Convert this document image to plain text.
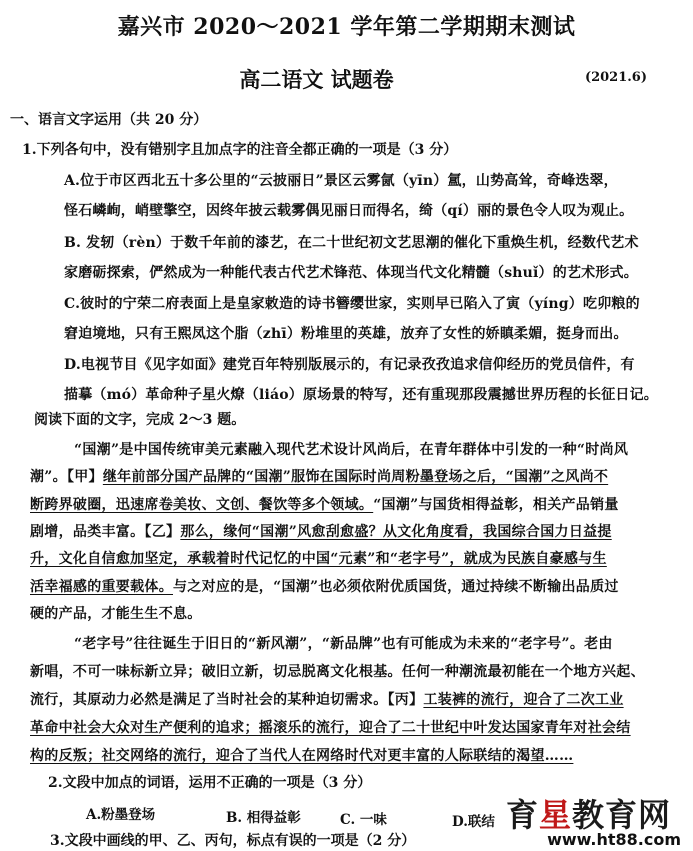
嘉兴市 2020～2021 学年第二学期期末测试
高二语文 试题卷	(2021.6)
一、语言文字运用（共 20 分）
1.下列各句中，没有错别字且加点字的注音全都正确的一项是（3 分）
A.位于市区西北五十多公里的“云披丽日”景区云雾氤（yīn）氲，山势高耸，奇峰迭翠，
怪石嶙峋，峭壁擎空，因终年披云载雾偶见丽日而得名，绮（qí）丽的景色令人叹为观止。
B. 发轫（rèn）于数千年前的漆艺，在二十世纪初文艺思潮的催化下重焕生机，经数代艺术
家磨砺探索，俨然成为一种能代表古代艺术锋范、体现当代文化精髓（shuǐ）的艺术形式。
C.彼时的宁荣二府表面上是皇家敕造的诗书簪缨世家，实则早已陷入了寅（yíng）吃卯粮的
窘迫境地，只有王熙凤这个脂（zhī）粉堆里的英雄，放弃了女性的娇瞋柔媚，挺身而出。
D.电视节目《见字如面》建党百年特别版展示的，有记录孜孜追求信仰经历的党员信件，有
描摹（mó）革命种子星火燎（liáo）原场景的特写，还有重现那段震撼世界历程的长征日记。
阅读下面的文字，完成 2～3 题。
“国潮”是中国传统审美元素融入现代艺术设计风尚后，在青年群体中引发的一种“时尚风
潮”。【甲】继年前部分国产品牌的“国潮”服饰在国际时尚周粉墨登场之后，“国潮”之风尚不
断跨界破圈，迅速席卷美妆、文创、餐饮等多个领域。“国潮”与国货相得益彰，相关产品销量
剧增，品类丰富。【乙】那么，缘何“国潮”风愈刮愈盛？从文化角度看，我国综合国力日益提
升，文化自信愈加坚定，承载着时代记忆的中国“元素”和“老字号”，就成为民族自豪感与生
活幸福感的重要载体。与之对应的是，“国潮”也必须依附优质国货，通过持续不断输出品质过
硬的产品，才能生生不息。
“老字号”往往诞生于旧日的“新风潮”，“新品牌”也有可能成为未来的“老字号”。老由
新唱，不可一味标新立异；破旧立新，切忌脱离文化根基。任何一种潮流最初能在一个地方兴起、
流行，其原动力必然是满足了当时社会的某种迫切需求。【丙】工装裤的流行，迎合了二次工业
革命中社会大众对生产便利的追求；摇滚乐的流行，迎合了二十世纪中叶发达国家青年对社会结
构的反叛；社交网络的流行，迎合了当代人在网络时代对更丰富的人际联结的渴望……
2.文段中加点的词语，运用不正确的一项是（3 分）
A.粉墨登场	B. 相得益彰	C. 一味	D.联结
3.文段中画线的甲、乙、丙句，标点有误的一项是（2 分）
育星教育网
www.ht88.com
